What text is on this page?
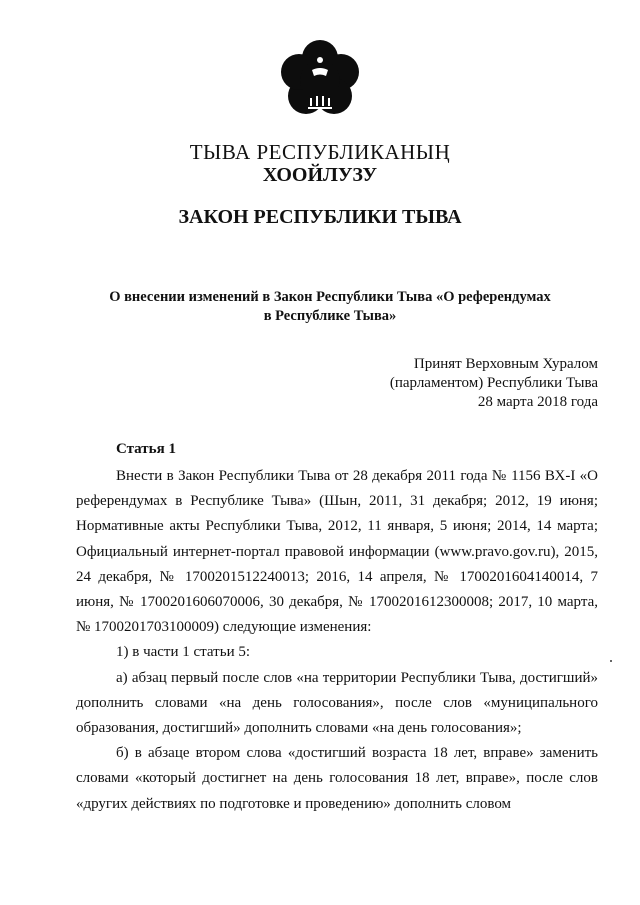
ТЫВА РЕСПУБЛИКАНЫҢ
ХООЙЛУЗУ
ЗАКОН РЕСПУБЛИКИ ТЫВА
О внесении изменений в Закон Республики Тыва «О референдумах
в Республике Тыва»
Принят Верховным Хуралом
(парламентом) Республики Тыва
28 марта 2018 года
Статья 1

Внести в Закон Республики Тыва от 28 декабря 2011 года № 1156 ВХ-I «О референдумах в Республике Тыва» (Шын, 2011, 31 декабря; 2012, 19 июня; Нормативные акты Республики Тыва, 2012, 11 января, 5 июня; 2014, 14 марта; Официальный интернет-портал правовой информации (www.pravo.gov.ru), 2015, 24 декабря, № 1700201512240013; 2016, 14 апреля, № 1700201604140014, 7 июня, № 1700201606070006, 30 декабря, № 1700201612300008; 2017, 10 марта, № 1700201703100009) следующие изменения:

1) в части 1 статьи 5:

а) абзац первый после слов «на территории Республики Тыва, достигший» дополнить словами «на день голосования», после слов «муниципального образования, достигший» дополнить словами «на день голосования»;

б) в абзаце втором слова «достигший возраста 18 лет, вправе» заменить словами «который достигнет на день голосования 18 лет, вправе», после слов «других действиях по подготовке и проведению» дополнить словом
